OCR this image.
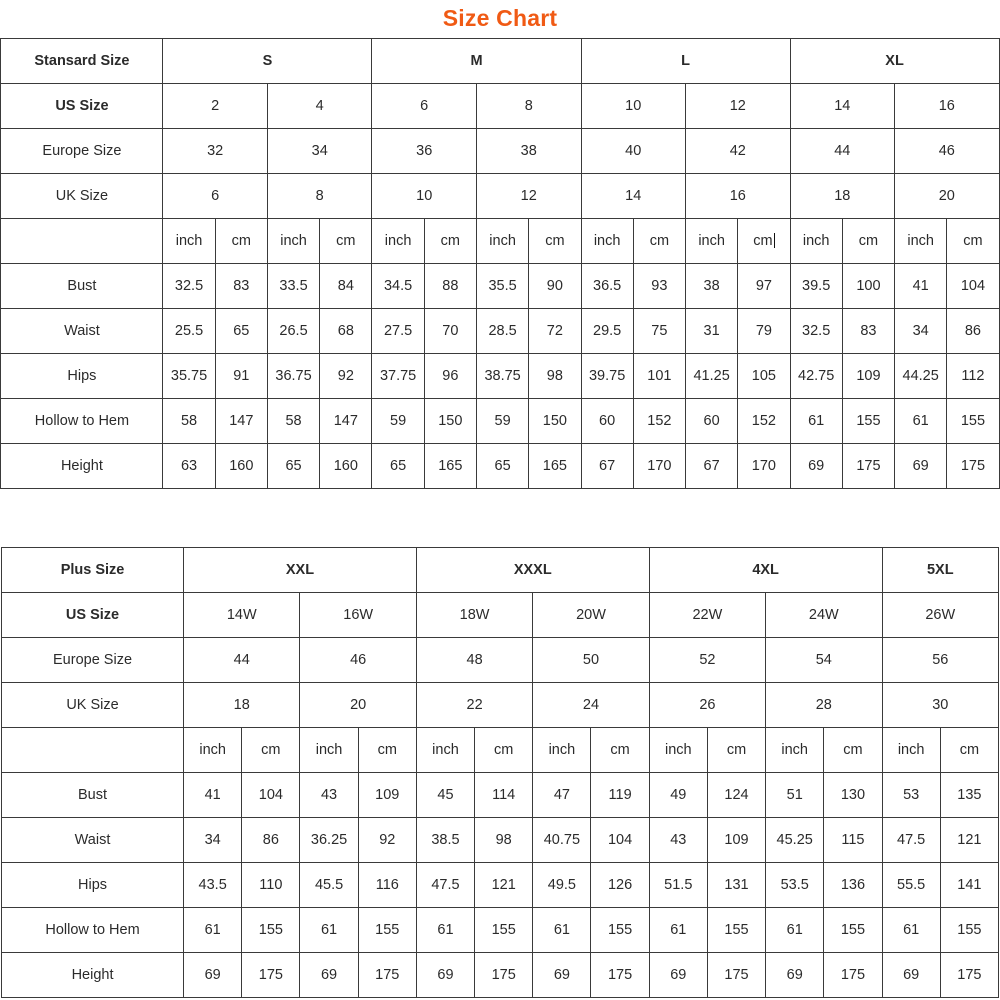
Size Chart
Stansard Size	S				M				L				XL			
US Size	2		4		6		8		10		12		14		16	
Europe Size	32		34		36		38		40		42		44		46	
UK Size	6		8		10		12		14		16		18		20	
	inch	cm	inch	cm	inch	cm	inch	cm	inch	cm	inch	cm	inch	cm	inch	cm
Bust	32.5	83	33.5	84	34.5	88	35.5	90	36.5	93	38	97	39.5	100	41	104
Waist	25.5	65	26.5	68	27.5	70	28.5	72	29.5	75	31	79	32.5	83	34	86
Hips	35.75	91	36.75	92	37.75	96	38.75	98	39.75	101	41.25	105	42.75	109	44.25	112
Hollow to Hem	58	147	58	147	59	150	59	150	60	152	60	152	61	155	61	155
Height	63	160	65	160	65	165	65	165	67	170	67	170	69	175	69	175
Plus Size	XXL				XXXL				4XL				5XL	
US Size	14W		16W		18W		20W		22W		24W		26W	
Europe Size	44		46		48		50		52		54		56	
UK Size	18		20		22		24		26		28		30	
	inch	cm	inch	cm	inch	cm	inch	cm	inch	cm	inch	cm	inch	cm
Bust	41	104	43	109	45	114	47	119	49	124	51	130	53	135
Waist	34	86	36.25	92	38.5	98	40.75	104	43	109	45.25	115	47.5	121
Hips	43.5	110	45.5	116	47.5	121	49.5	126	51.5	131	53.5	136	55.5	141
Hollow to Hem	61	155	61	155	61	155	61	155	61	155	61	155	61	155
Height	69	175	69	175	69	175	69	175	69	175	69	175	69	175
